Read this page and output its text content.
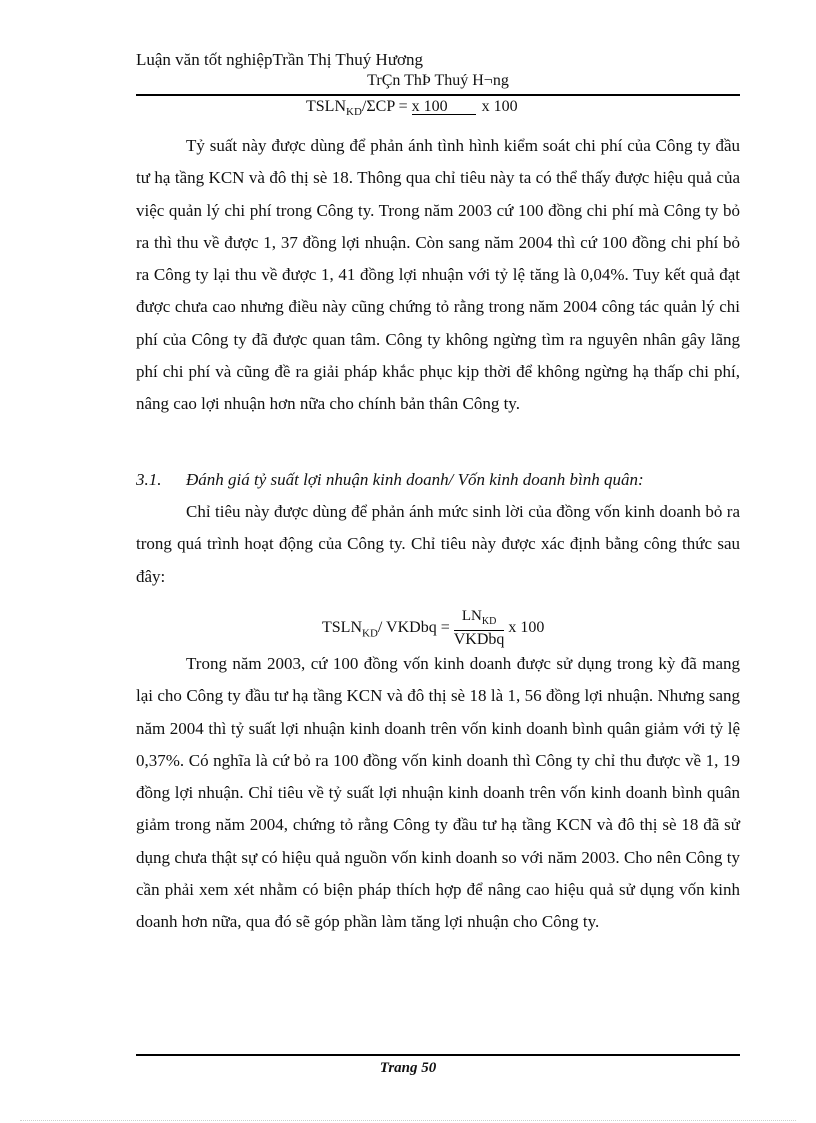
Luận văn tốt nghiệpTrần Thị Thuý Hương
TrÇn ThÞ Thuý H¬ng
$TSLN_{KD}$/ΣCP = x 100 x 100

Tỷ suất này được dùng để phản ánh tình hình kiểm soát chi phí của Công ty đầu tư hạ tầng KCN và đô thị sè 18. Thông qua chỉ tiêu này ta có thể thấy được hiệu quả của việc quản lý chi phí trong Công ty. Trong năm 2003 cứ 100 đồng chi phí mà Công ty bỏ ra thì thu về được 1, 37 đồng lợi nhuận. Còn sang năm 2004 thì cứ 100 đồng chi phí bỏ ra Công ty lại thu về được 1, 41 đồng lợi nhuận với tỷ lệ tăng là 0,04%. Tuy kết quả đạt được chưa cao nhưng điều này cũng chứng tỏ rằng trong năm 2004 công tác quản lý chi phí của Công ty đã được quan tâm. Công ty không ngừng tìm ra nguyên nhân gây lãng phí chi phí và cũng đề ra giải pháp khắc phục kịp thời để không ngừng hạ thấp chi phí, nâng cao lợi nhuận hơn nữa cho chính bản thân Công ty.

3.1. Đánh giá tỷ suất lợi nhuận kinh doanh/ Vốn kinh doanh bình quân:

Chỉ tiêu này được dùng để phản ánh mức sinh lời của đồng vốn kinh doanh bỏ ra trong quá trình hoạt động của Công ty. Chỉ tiêu này được xác định bằng công thức sau đây:

$TSLN_{KD}/$ VKDbq = $\frac{LN_{KD}}{\text{VKDbq}}$ x 100

Trong năm 2003, cứ 100 đồng vốn kinh doanh được sử dụng trong kỳ đã mang lại cho Công ty đầu tư hạ tầng KCN và đô thị sè 18 là 1, 56 đồng lợi nhuận. Nhưng sang năm 2004 thì tỷ suất lợi nhuận kinh doanh trên vốn kinh doanh bình quân giảm với tỷ lệ 0,37%. Có nghĩa là cứ bỏ ra 100 đồng vốn kinh doanh thì Công ty chỉ thu được về 1, 19 đồng lợi nhuận. Chỉ tiêu về tỷ suất lợi nhuận kinh doanh trên vốn kinh doanh bình quân giảm trong năm 2004, chứng tỏ rằng Công ty đầu tư hạ tầng KCN và đô thị sè 18 đã sử dụng chưa thật sự có hiệu quả nguồn vốn kinh doanh so với năm 2003. Cho nên Công ty cần phải xem xét nhằm có biện pháp thích hợp để nâng cao hiệu quả sử dụng vốn kinh doanh hơn nữa, qua đó sẽ góp phần làm tăng lợi nhuận cho Công ty.

Trang 50
